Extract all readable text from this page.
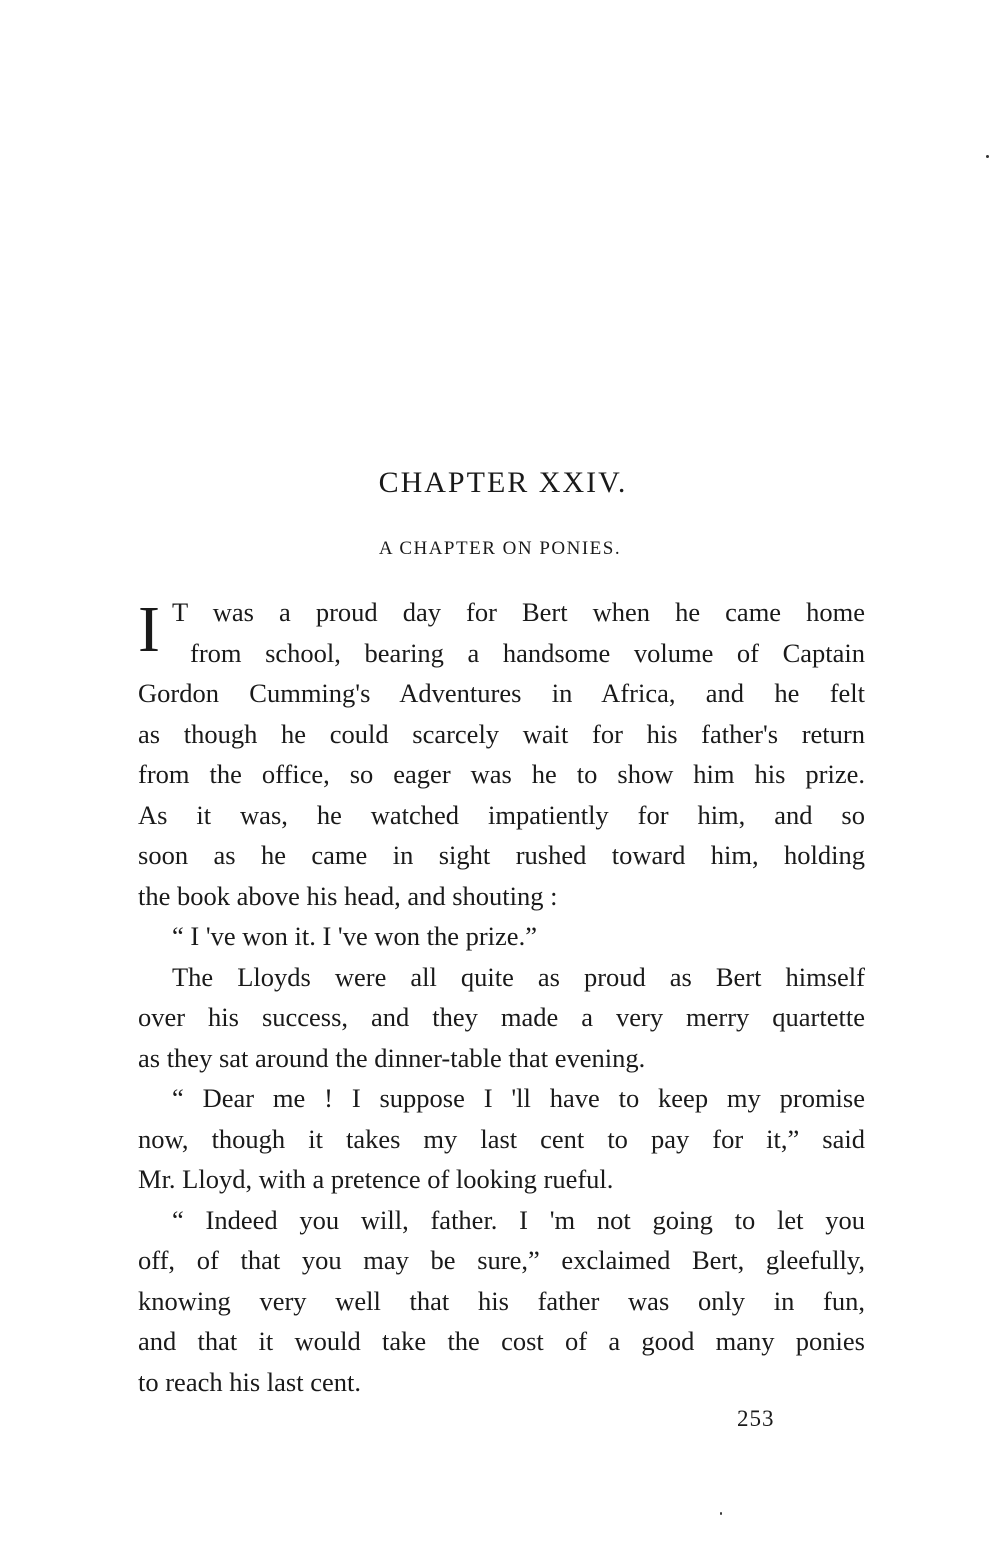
CHAPTER XXIV.
A CHAPTER ON PONIES.
I T was a proud day for Bert when he came home
from school, bearing a handsome volume of Captain
Gordon Cumming's Adventures in Africa, and he felt
as though he could scarcely wait for his father's return
from the office, so eager was he to show him his prize.
As it was, he watched impatiently for him, and so
soon as he came in sight rushed toward him, holding
the book above his head, and shouting :
“ I 've won it. I 've won the prize.”
The Lloyds were all quite as proud as Bert himself
over his success, and they made a very merry quartette
as they sat around the dinner-table that evening.
“ Dear me ! I suppose I 'll have to keep my promise
now, though it takes my last cent to pay for it,” said
Mr. Lloyd, with a pretence of looking rueful.
“ Indeed you will, father. I 'm not going to let you
off, of that you may be sure,” exclaimed Bert, gleefully,
knowing very well that his father was only in fun,
and that it would take the cost of a good many ponies
to reach his last cent.
253
